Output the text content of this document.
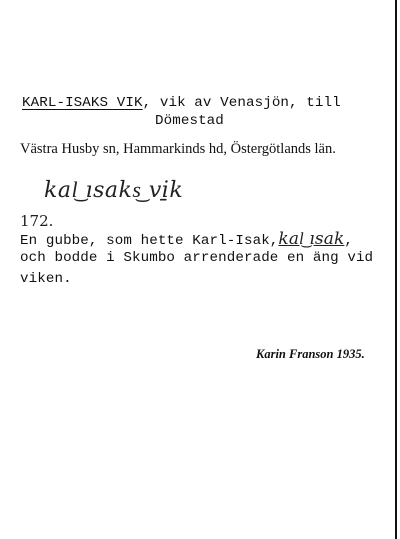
KARL-ISAKS VIK, vik av Venasjön, till
Dömestad
Västra Husby sn, Hammarkinds hd, Östergötlands län.
kal͜ ısaks͜ vi̱k
172.
En gubbe, som hette Karl-Isak,kal͜ ısak,
och bodde i Skumbo arrenderade en äng vid
viken.
Karin Franson 1935.
